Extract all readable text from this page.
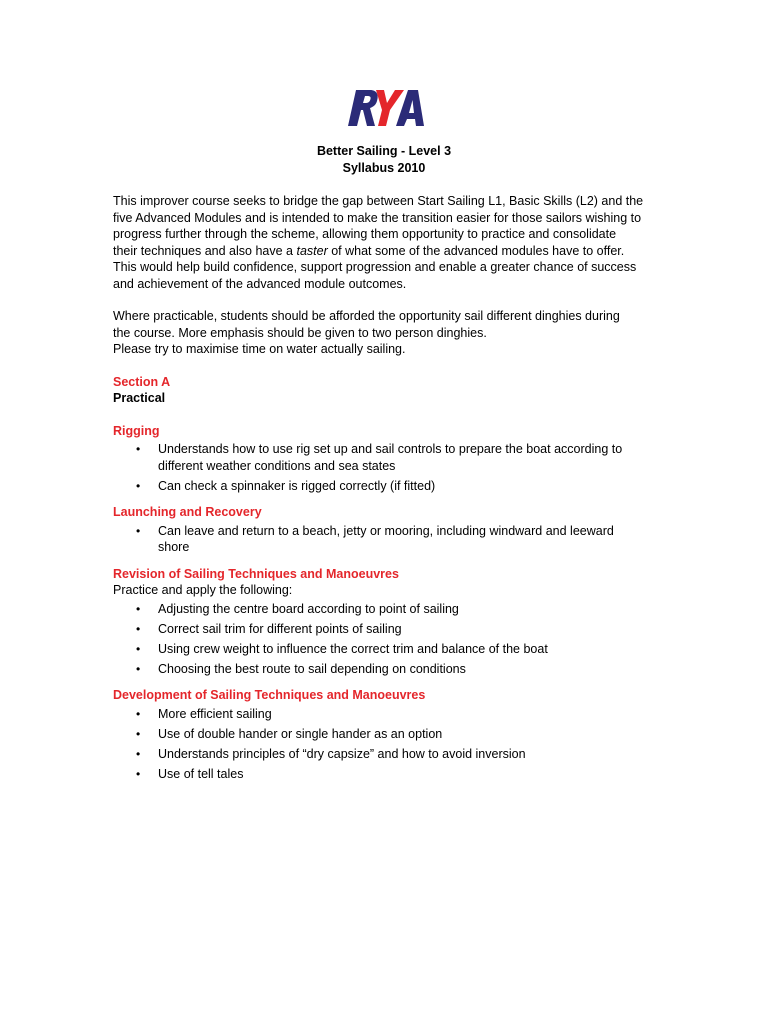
Better Sailing - Level 3
Syllabus 2010
This improver course seeks to bridge the gap between Start Sailing L1, Basic Skills (L2) and the
five Advanced Modules and is intended to make the transition easier for those sailors wishing to
progress further through the scheme, allowing them opportunity to practice and consolidate
their techniques and also have a taster of what some of the advanced modules have to offer.
This would help build confidence, support progression and enable a greater chance of success
and achievement of the advanced module outcomes.
Where practicable, students should be afforded the opportunity sail different dinghies during
the course. More emphasis should be given to two person dinghies.
Please try to maximise time on water actually sailing.
Section A
Practical
Rigging
• Understands how to use rig set up and sail controls to prepare the boat according to
different weather conditions and sea states
• Can check a spinnaker is rigged correctly (if fitted)
Launching and Recovery
• Can leave and return to a beach, jetty or mooring, including windward and leeward
shore
Revision of Sailing Techniques and Manoeuvres
Practice and apply the following:
• Adjusting the centre board according to point of sailing
• Correct sail trim for different points of sailing
• Using crew weight to influence the correct trim and balance of the boat
• Choosing the best route to sail depending on conditions
Development of Sailing Techniques and Manoeuvres
• More efficient sailing
• Use of double hander or single hander as an option
• Understands principles of “dry capsize” and how to avoid inversion
• Use of tell tales
